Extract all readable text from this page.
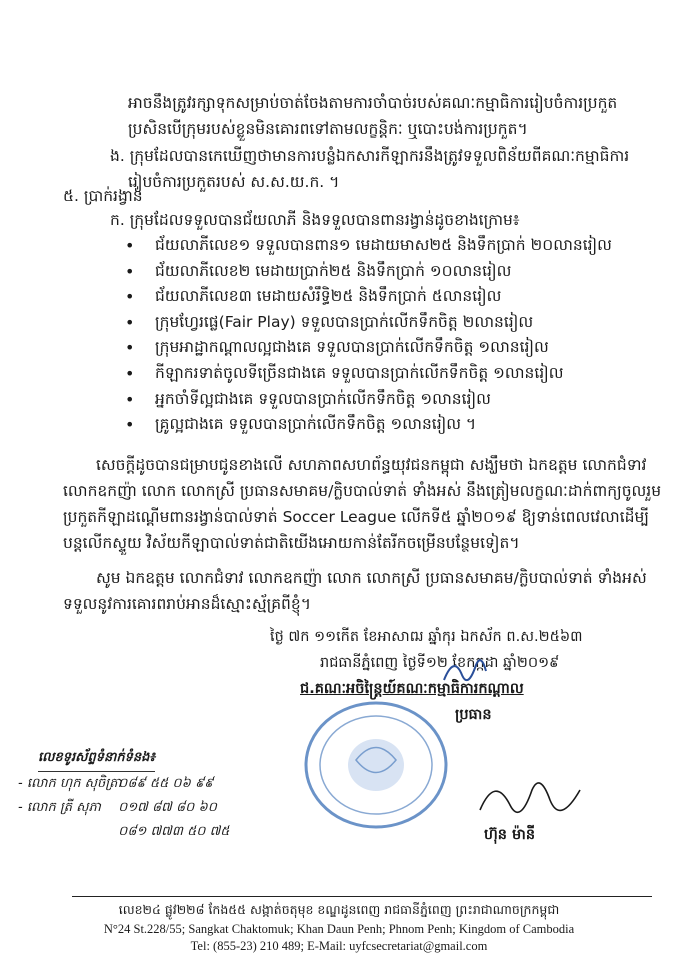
អាចនឹងត្រូវរក្សាទុកសម្រាប់ចាត់ចែងតាមការចាំបាច់របស់គណៈកម្មាធិការរៀបចំការប្រកួត
ប្រសិនបើក្រុមរបស់ខ្លួនមិនគោរពទៅតាមលក្ខន្តិកៈ ឬបោះបង់ការប្រកួត។
ង. ក្រុមដែលបានកេឃើញថាមានការបន្លំឯកសារកីឡាករនឹងត្រូវទទួលពិន័យពីគណៈកម្មាធិការ
រៀបចំការប្រកួតរបស់ ស.ស.យ.ក. ។
៥. ប្រាក់រង្វាន់
ក. ក្រុមដែលទទួលបានជ័យលាភី និងទទួលបានពានរង្វាន់ដូចខាងក្រោម៖
• ជ័យលាភីលេខ១ ទទួលបានពាន១ មេដាយមាស២៥ និងទឹកប្រាក់ ២០លានរៀល
• ជ័យលាភីលេខ២ មេដាយប្រាក់២៥ និងទឹកប្រាក់ ១០លានរៀល
• ជ័យលាភីលេខ៣ មេដាយសំរឹទ្ធិ២៥ និងទឹកប្រាក់ ៥លានរៀល
• ក្រុមហ្វែរផ្លេ(Fair Play) ទទួលបានប្រាក់លើកទឹកចិត្ត ២លានរៀល
• ក្រុមអាដ្ឋាកណ្តាលល្អជាងគេ ទទួលបានប្រាក់លើកទឹកចិត្ត ១លានរៀល
• កីឡាករទាត់ចូលទីច្រើនជាងគេ ទទួលបានប្រាក់លើកទឹកចិត្ត ១លានរៀល
• អ្នកចាំទីល្អជាងគេ ទទួលបានប្រាក់លើកទឹកចិត្ត ១លានរៀល
• គ្រូល្អជាងគេ ទទួលបានប្រាក់លើកទឹកចិត្ត ១លានរៀល ។
សេចក្តីដូចបានជម្រាបជូនខាងលើ សហភាពសហព័ន្ធយុវជនកម្ពុជា សង្ឃឹមថា ឯកឧត្តម លោកជំទាវ
លោកឧកញ៉ា លោក លោកស្រី ប្រធានសមាគម/ក្លិបបាល់ទាត់ ទាំងអស់ នឹងត្រៀមលក្ខណៈដាក់ពាក្យចូលរួម
ប្រកួតកីឡាដណ្តើមពានរង្វាន់បាល់ទាត់ Soccer League លើកទី៥ ឆ្នាំ២០១៩ ឱ្យទាន់ពេលវេលាដើម្បី
បន្តលើកស្ទួយ វិស័យកីឡាបាល់ទាត់ជាតិយើងអោយកាន់តែរីកចម្រើនបន្ថែមទៀត។
សូម ឯកឧត្តម លោកជំទាវ លោកឧកញ៉ា លោក លោកស្រី ប្រធានសមាគម/ក្លិបបាល់ទាត់ ទាំងអស់
ទទួលនូវការគោរពរាប់អានដ៏ស្មោះស្ម័គ្រពីខ្ញុំ។
ថ្ងៃ ៧ក ១១កើត ខែអាសាឍ ឆ្នាំកុរ ឯកស័ក ព.ស.២៥៦៣
រាជធានីភ្នំពេញ ថ្ងៃទី១២ ខែកក្កដា ឆ្នាំ២០១៩
ជ.គណៈអចិន្ត្រៃយ៍គណៈកម្មាធិការកណ្តាល
ប្រធាន
ហ៊ុន ម៉ានី
លេខទូរស័ព្ទទំនាក់ទំនង៖
- លោក ហុក សុចិត្រា ០៨៩ ៥៥ ០៦ ៩៩
- លោក ត្រី សុភា ០១៧ ៨៧ ៨០ ៦០
០៨១ ៧៧៣ ៥០ ៧៥
លេខ២៤ ផ្លូវ២២៨ កែង៥៥ សង្កាត់ចតុមុខ ខណ្ឌដូនពេញ រាជធានីភ្នំពេញ ព្រះរាជាណាចក្រកម្ពុជា
N°24 St.228/55; Sangkat Chaktomuk; Khan Daun Penh; Phnom Penh; Kingdom of Cambodia
Tel: (855-23) 210 489; E-Mail: uyfcsecretariat@gmail.com
